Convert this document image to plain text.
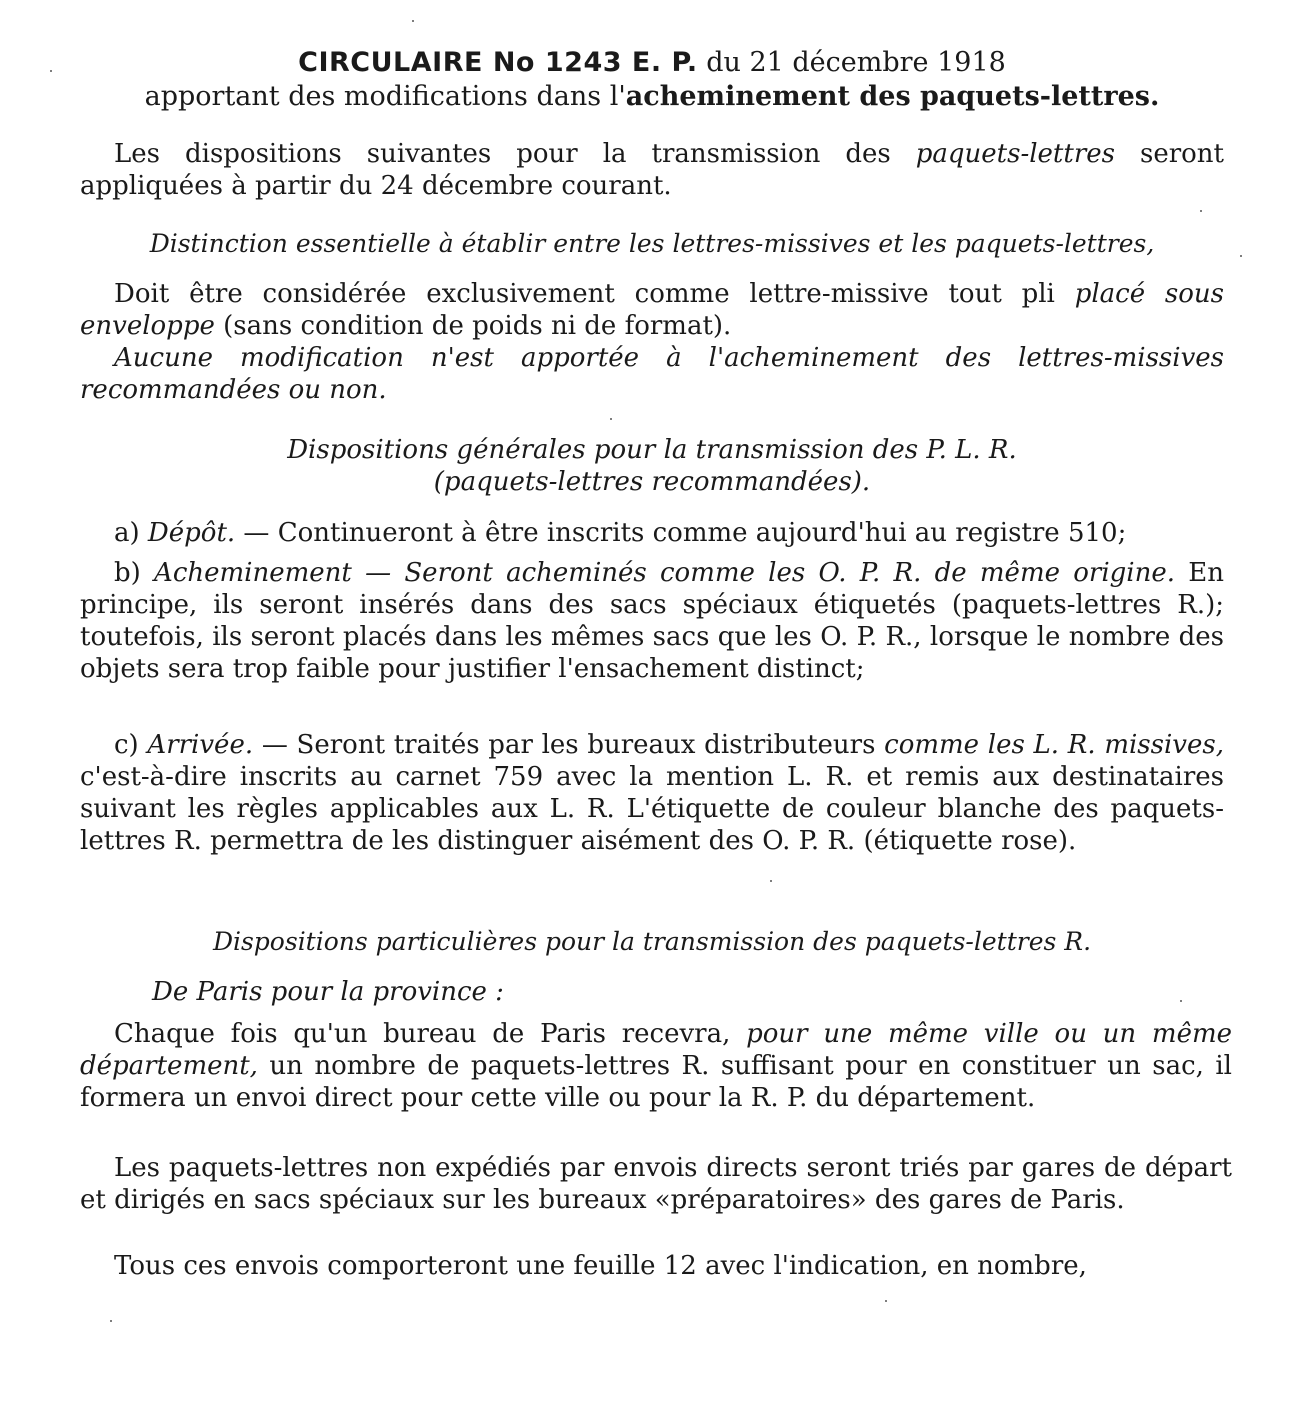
CIRCULAIRE No 1243 E. P. du 21 décembre 1918
apportant des modifications dans l'acheminement des paquets-lettres.

Les dispositions suivantes pour la transmission des paquets-lettres seront appliquées à partir du 24 décembre courant.

Distinction essentielle à établir entre les lettres-missives et les paquets-lettres,

Doit être considérée exclusivement comme lettre-missive tout pli placé sous enveloppe (sans condition de poids ni de format).

Aucune modification n'est apportée à l'acheminement des lettres-missives recommandées ou non.

Dispositions générales pour la transmission des P. L. R.

(paquets-lettres recommandées).

a) Dépôt. — Continueront à être inscrits comme aujourd'hui au registre 510;

b) Acheminement — Seront acheminés comme les O. P. R. de même origine. En principe, ils seront insérés dans des sacs spéciaux étiquetés (paquets-lettres R.); toutefois, ils seront placés dans les mêmes sacs que les O. P. R., lorsque le nombre des objets sera trop faible pour justifier l'ensachement distinct;

c) Arrivée. — Seront traités par les bureaux distributeurs comme les L. R. missives, c'est-à-dire inscrits au carnet 759 avec la mention L. R. et remis aux destinataires suivant les règles applicables aux L. R. L'étiquette de couleur blanche des paquets-lettres R. permettra de les distinguer aisément des O. P. R. (étiquette rose).

Dispositions particulières pour la transmission des paquets-lettres R.

De Paris pour la province :

Chaque fois qu'un bureau de Paris recevra, pour une même ville ou un même département, un nombre de paquets-lettres R. suffisant pour en constituer un sac, il formera un envoi direct pour cette ville ou pour la R. P. du département.

Les paquets-lettres non expédiés par envois directs seront triés par gares de départ et dirigés en sacs spéciaux sur les bureaux «préparatoires» des gares de Paris.

Tous ces envois comporteront une feuille 12 avec l'indication, en nombre,
